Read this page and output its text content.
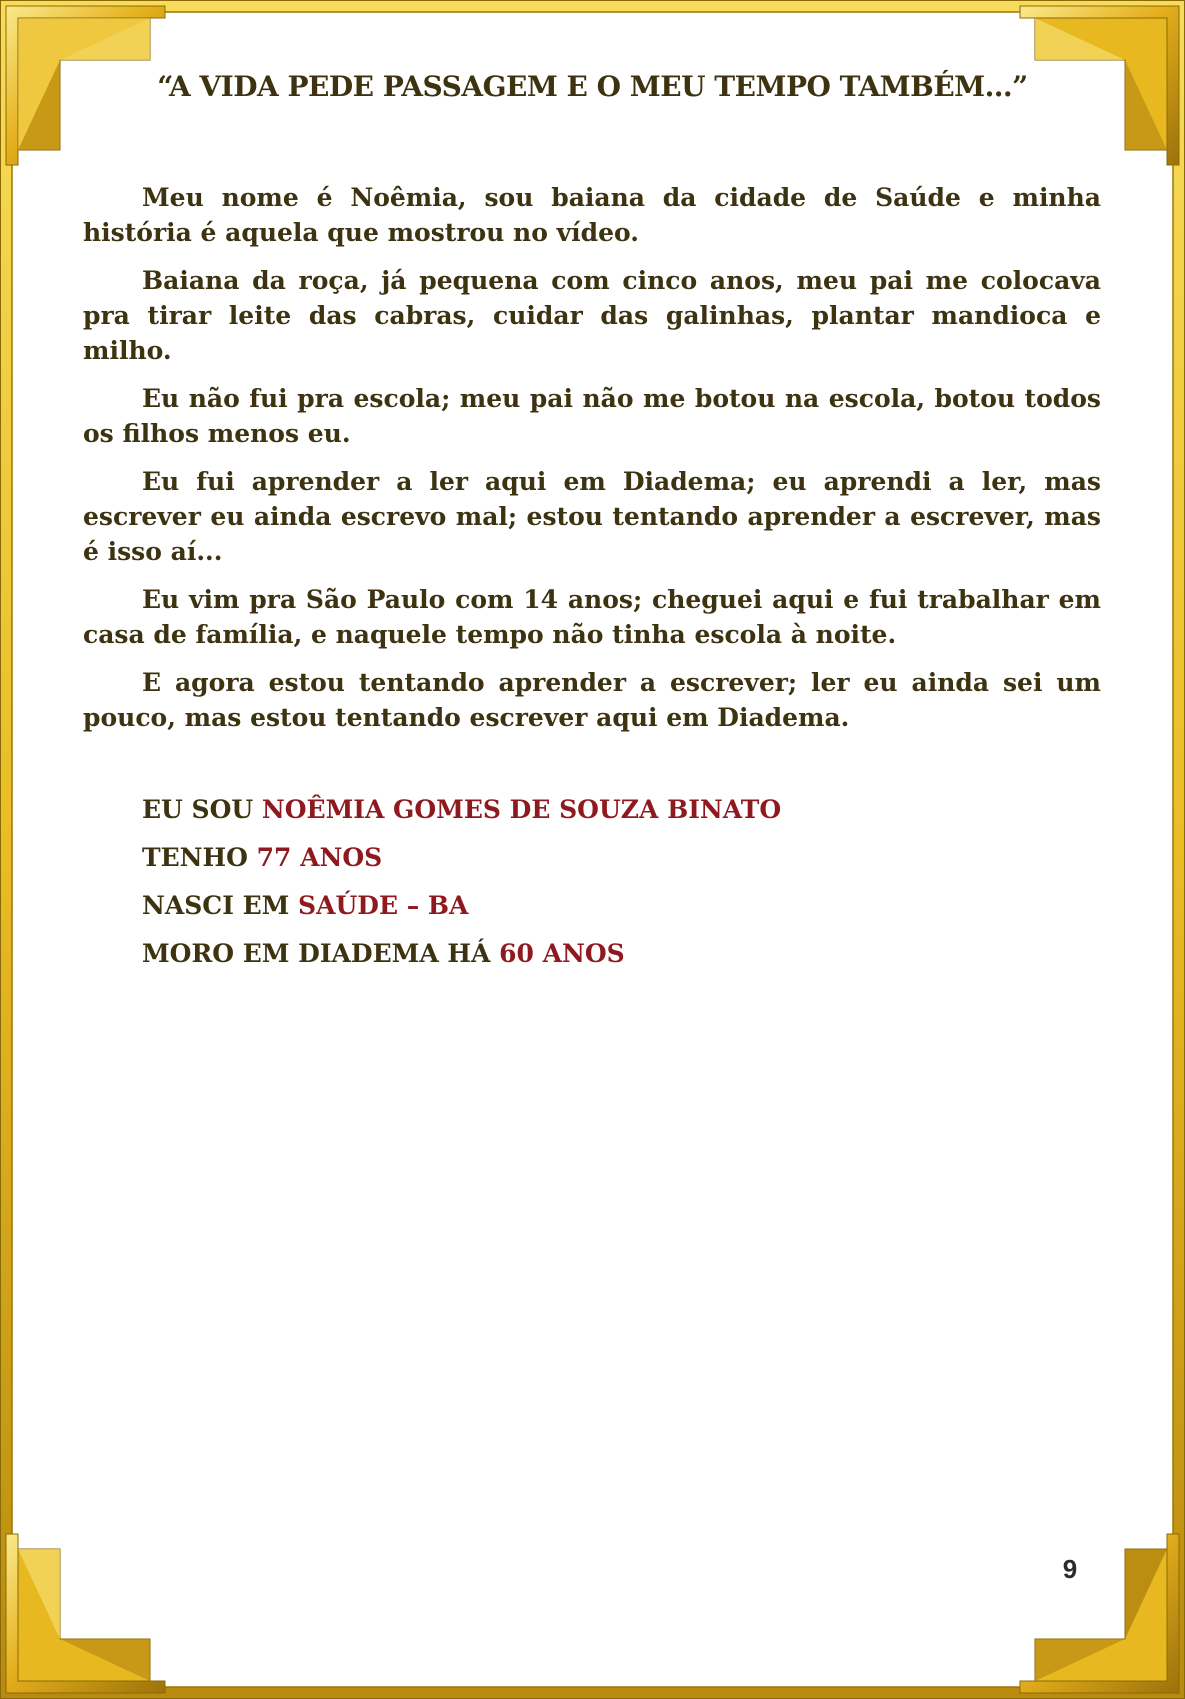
“A VIDA PEDE PASSAGEM E O MEU TEMPO TAMBÉM…”

Meu nome é Noêmia, sou baiana da cidade de Saúde e minha história é aquela que mostrou no vídeo.

Baiana da roça, já pequena com cinco anos, meu pai me colocava pra tirar leite das cabras, cuidar das galinhas, plantar mandioca e milho.

Eu não fui pra escola; meu pai não me botou na escola, botou todos os filhos menos eu.

Eu fui aprender a ler aqui em Diadema; eu aprendi a ler, mas escrever eu ainda escrevo mal; estou tentando aprender a escrever, mas é isso aí...

Eu vim pra São Paulo com 14 anos; cheguei aqui e fui trabalhar em casa de família, e naquele tempo não tinha escola à noite.

E agora estou tentando aprender a escrever; ler eu ainda sei um pouco, mas estou tentando escrever aqui em Diadema.

EU SOU NOÊMIA GOMES DE SOUZA BINATO
TENHO 77 ANOS
NASCI EM SAÚDE – BA
MORO EM DIADEMA HÁ 60 ANOS
9
